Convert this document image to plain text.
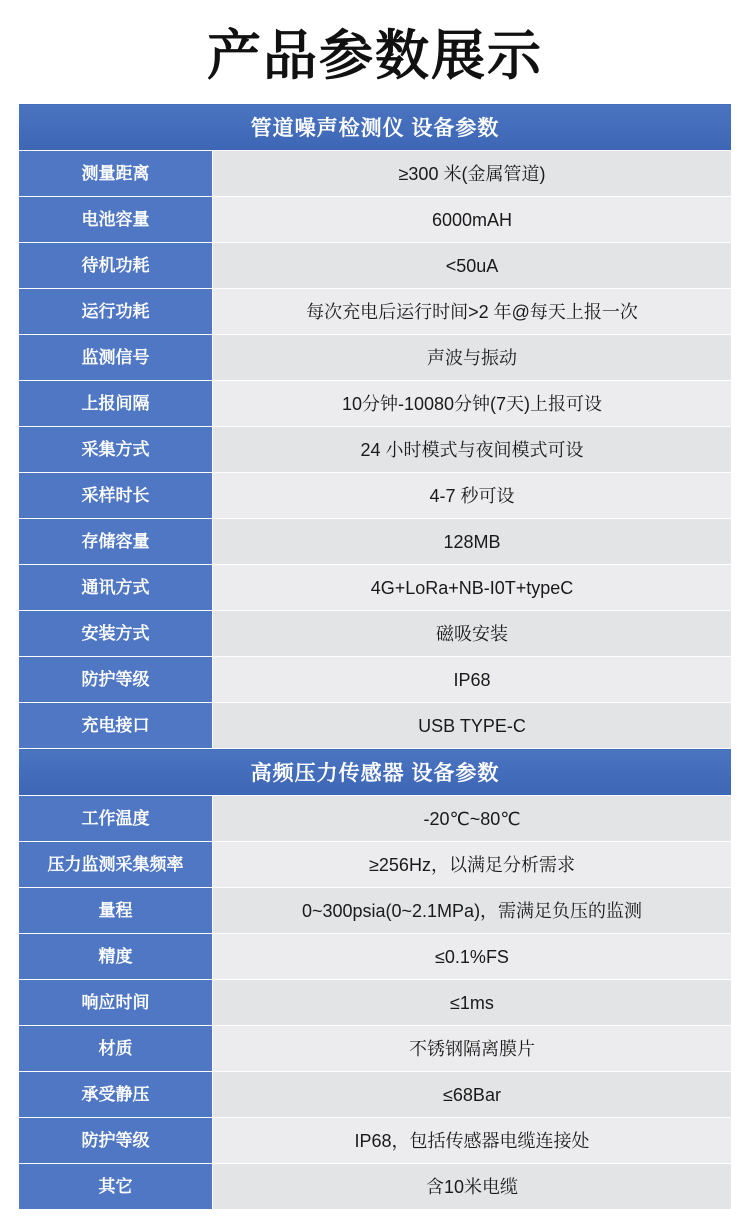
产品参数展示
管道噪声检测仪 设备参数	
测量距离	≥300 米(金属管道)
电池容量	6000mAH
待机功耗	<50uA
运行功耗	每次充电后运行时间>2 年@每天上报一次
监测信号	声波与振动
上报间隔	10分钟-10080分钟(7天)上报可设
采集方式	24 小时模式与夜间模式可设
采样时长	4-7 秒可设
存储容量	128MB
通讯方式	4G+LoRa+NB-I0T+typeC
安装方式	磁吸安装
防护等级	IP68
充电接口	USB TYPE-C
高频压力传感器 设备参数	
工作温度	-20℃~80℃
压力监测采集频率	≥256Hz，以满足分析需求
量程	0~300psia(0~2.1MPa)，需满足负压的监测
精度	≤0.1%FS
响应时间	≤1ms
材质	不锈钢隔离膜片
承受静压	≤68Bar
防护等级	IP68，包括传感器电缆连接处
其它	含10米电缆
